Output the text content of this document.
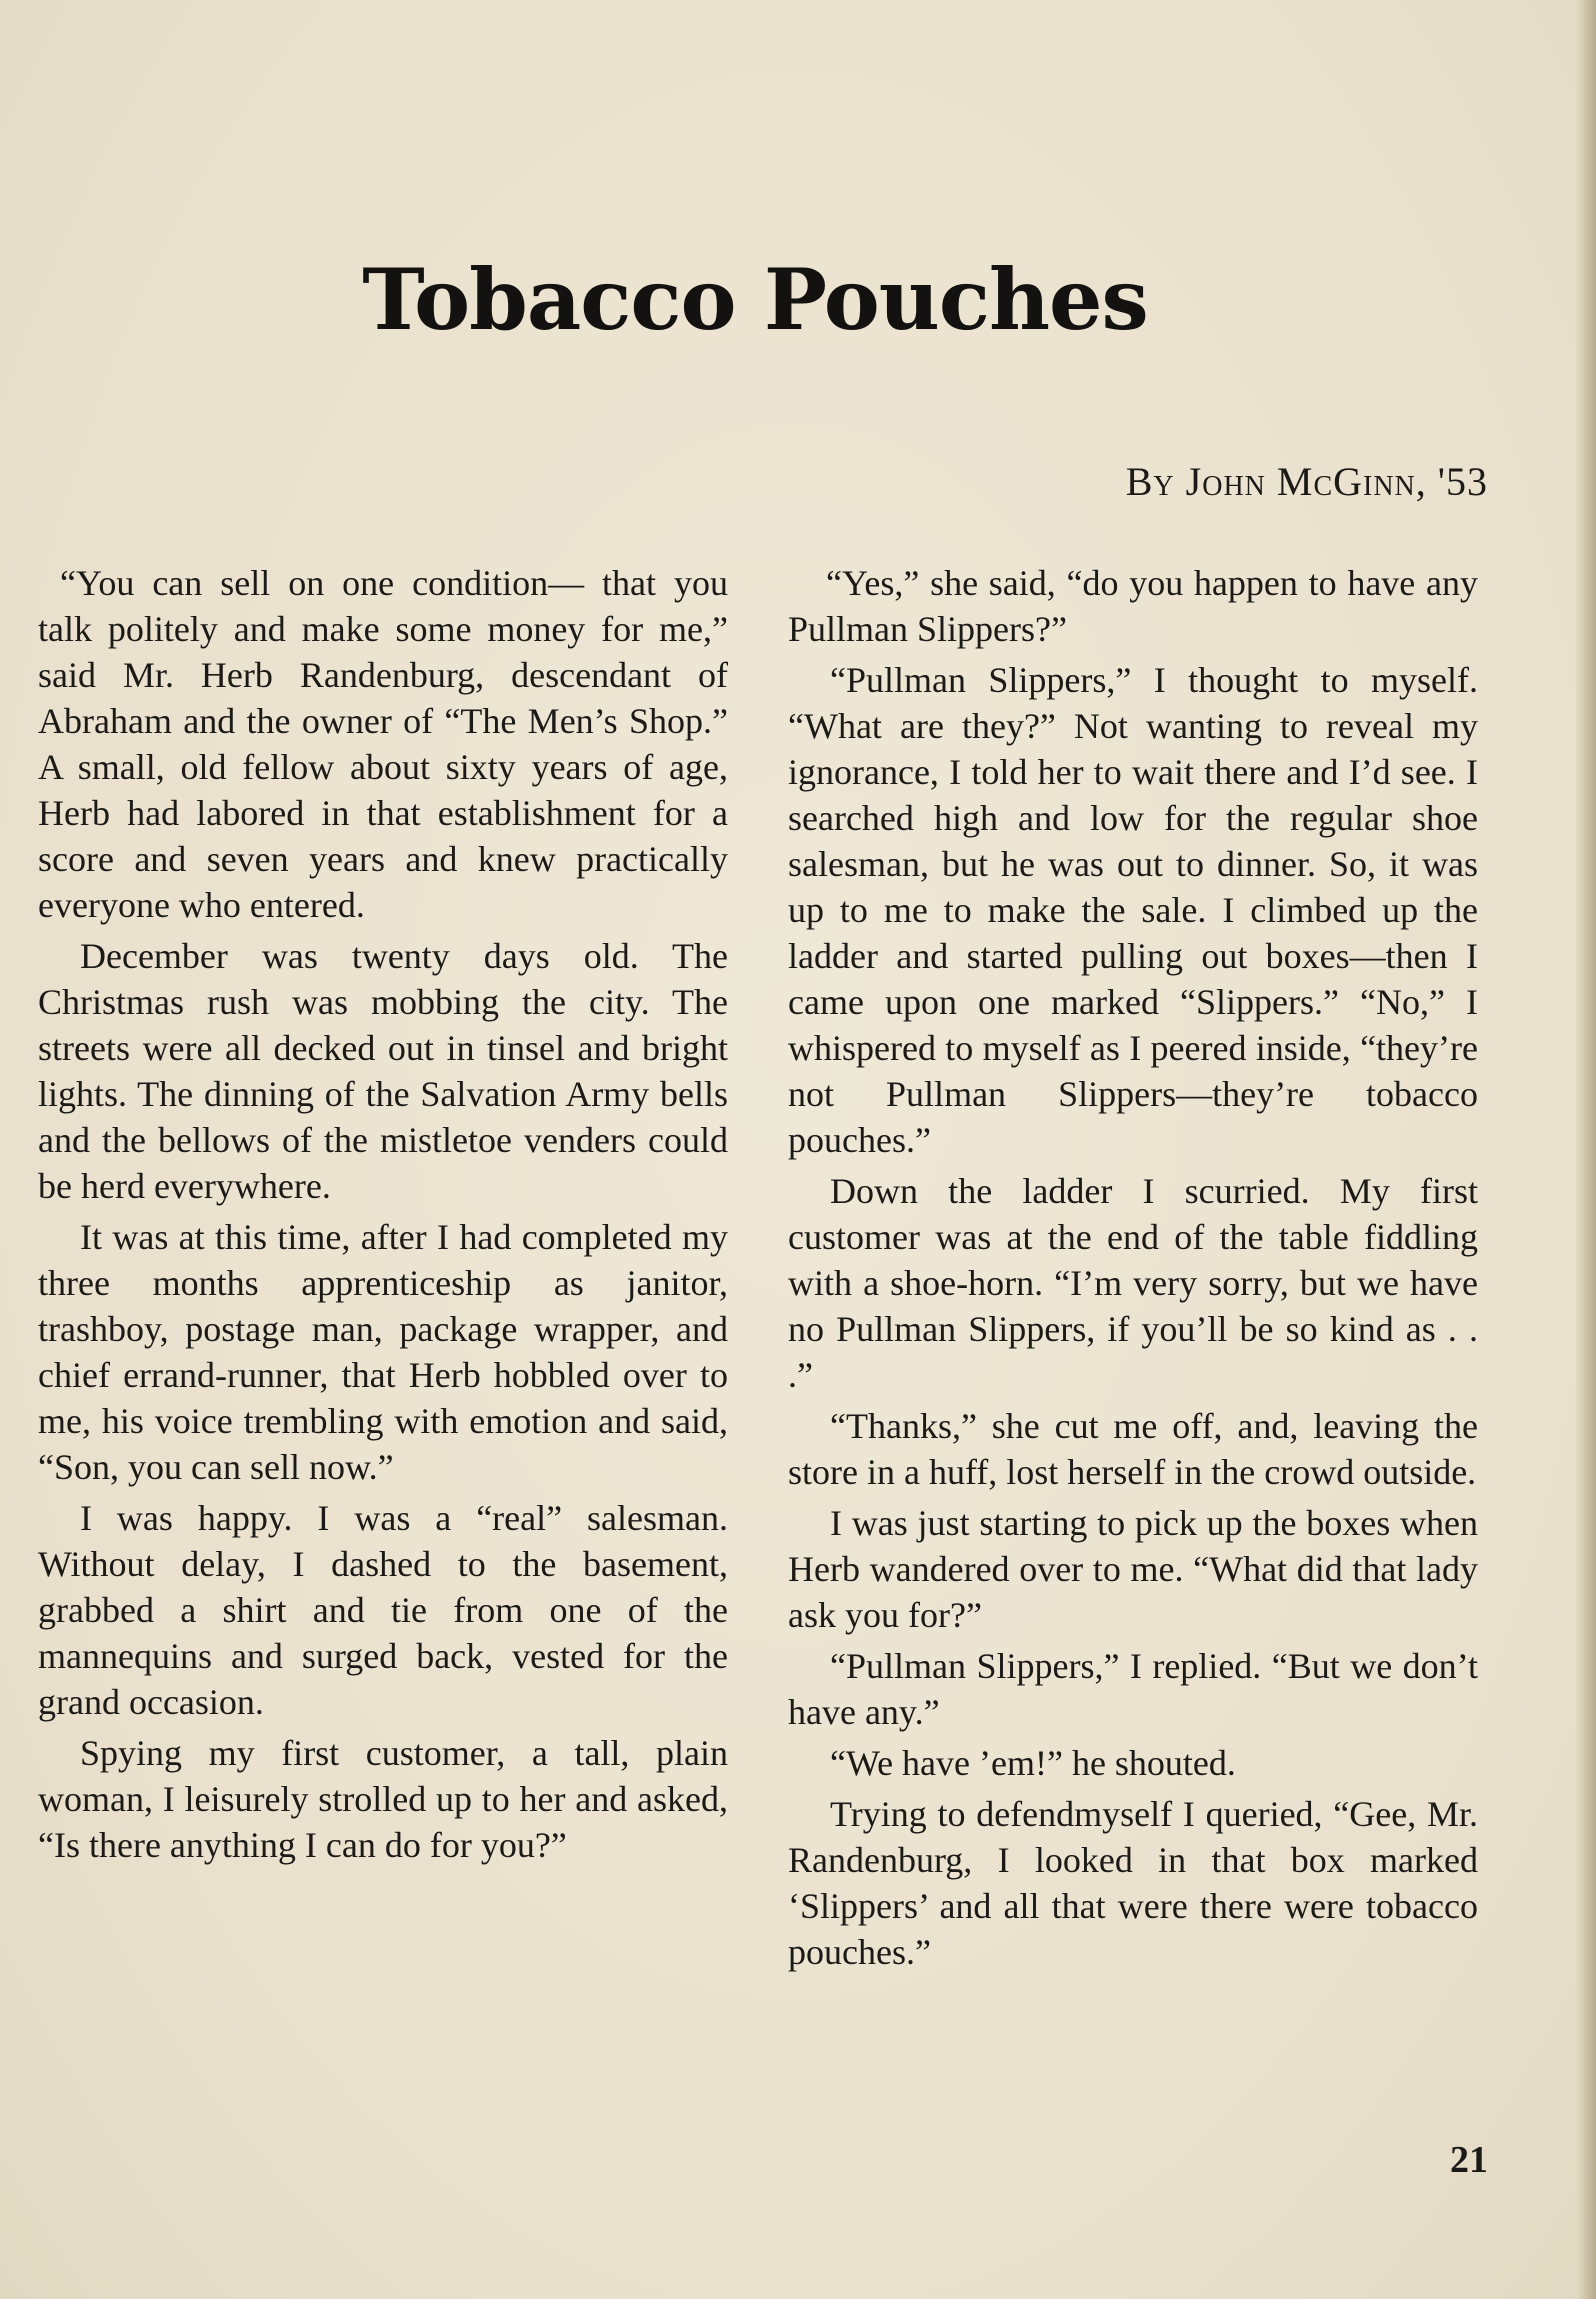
Tobacco Pouches
By John McGinn, '53

“You can sell on one condition— that you talk politely and make some money for me,” said Mr. Herb Randenburg, descendant of Abraham and the owner of “The Men’s Shop.” A small, old fellow about sixty years of age, Herb had labored in that establishment for a score and seven years and knew practically everyone who entered.

December was twenty days old. The Christmas rush was mobbing the city. The streets were all decked out in tinsel and bright lights. The dinning of the Salvation Army bells and the bellows of the mistletoe venders could be herd everywhere.

It was at this time, after I had completed my three months apprenticeship as janitor, trashboy, postage man, package wrapper, and chief errand-runner, that Herb hobbled over to me, his voice trembling with emotion and said, “Son, you can sell now.”

I was happy. I was a “real” salesman. Without delay, I dashed to the basement, grabbed a shirt and tie from one of the mannequins and surged back, vested for the grand occasion.

Spying my first customer, a tall, plain woman, I leisurely strolled up to her and asked, “Is there anything I can do for you?”

“Yes,” she said, “do you happen to have any Pullman Slippers?”

“Pullman Slippers,” I thought to myself. “What are they?” Not wanting to reveal my ignorance, I told her to wait there and I’d see. I searched high and low for the regular shoe salesman, but he was out to dinner. So, it was up to me to make the sale. I climbed up the ladder and started pulling out boxes—then I came upon one marked “Slippers.” “No,” I whispered to myself as I peered inside, “they’re not Pullman Slippers—they’re tobacco pouches.”

Down the ladder I scurried. My first customer was at the end of the table fiddling with a shoe-horn. “I’m very sorry, but we have no Pullman Slippers, if you’ll be so kind as . . .”

“Thanks,” she cut me off, and, leaving the store in a huff, lost herself in the crowd outside.

I was just starting to pick up the boxes when Herb wandered over to me. “What did that lady ask you for?”

“Pullman Slippers,” I replied. “But we don’t have any.”

“We have ’em!” he shouted.

Trying to defendmyself I queried, “Gee, Mr. Randenburg, I looked in that box marked ‘Slippers’ and all that were there were tobacco pouches.”

21
